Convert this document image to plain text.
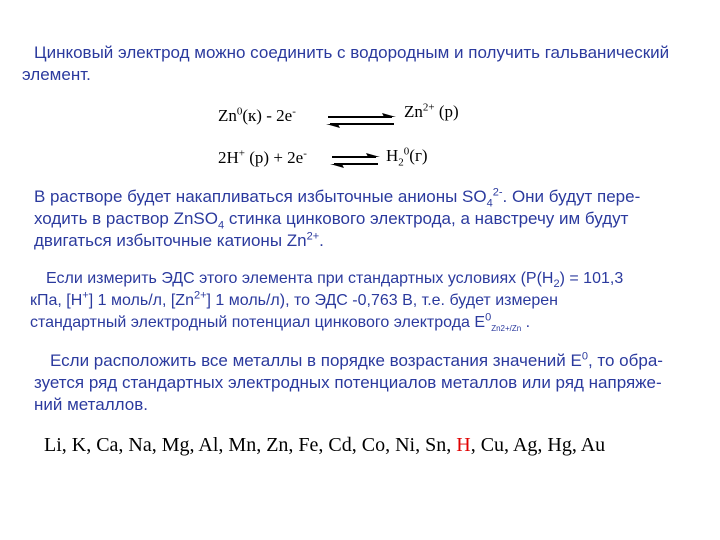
Цинковый электрод можно соединить с водородным и получить гальванический
элемент.
Zn$^0$(к) - 2e-	$Zn^{2+}$ (р)
2H+ (р) + 2e- ⇌ $H_2^0(г)$
В растворе будет накапливаться избыточные анионы $SO_4^{2-}$. Они будут пере-
ходить в раствор ZnSO$_4$ стинка цинкового электрода, а навстречу им будут
двигаться избыточные катионы $Zn^{2+}$.
Если измерить ЭДС этого элемента при стандартных условиях ($Р(Н_2) = 101,3$
кПа, [H+] 1 моль/л, $[Zn^{2+}]$ 1 моль/л), то ЭДС -0,763 В, т.е. будет измерен
стандартный электродный потенциал цинкового электрода $E^0_{Zn2+/Zn}$ .
Если расположить все металлы в порядке возрастания значений $E^0$, то обра-
зуется ряд стандартных электродных потенциалов металлов или ряд напряже-
ний металлов.
Li, K, Ca, Na, Mg, Al, Mn, Zn, Fe, Cd, Co, Ni, Sn, H, Cu, Ag, Hg, Au
